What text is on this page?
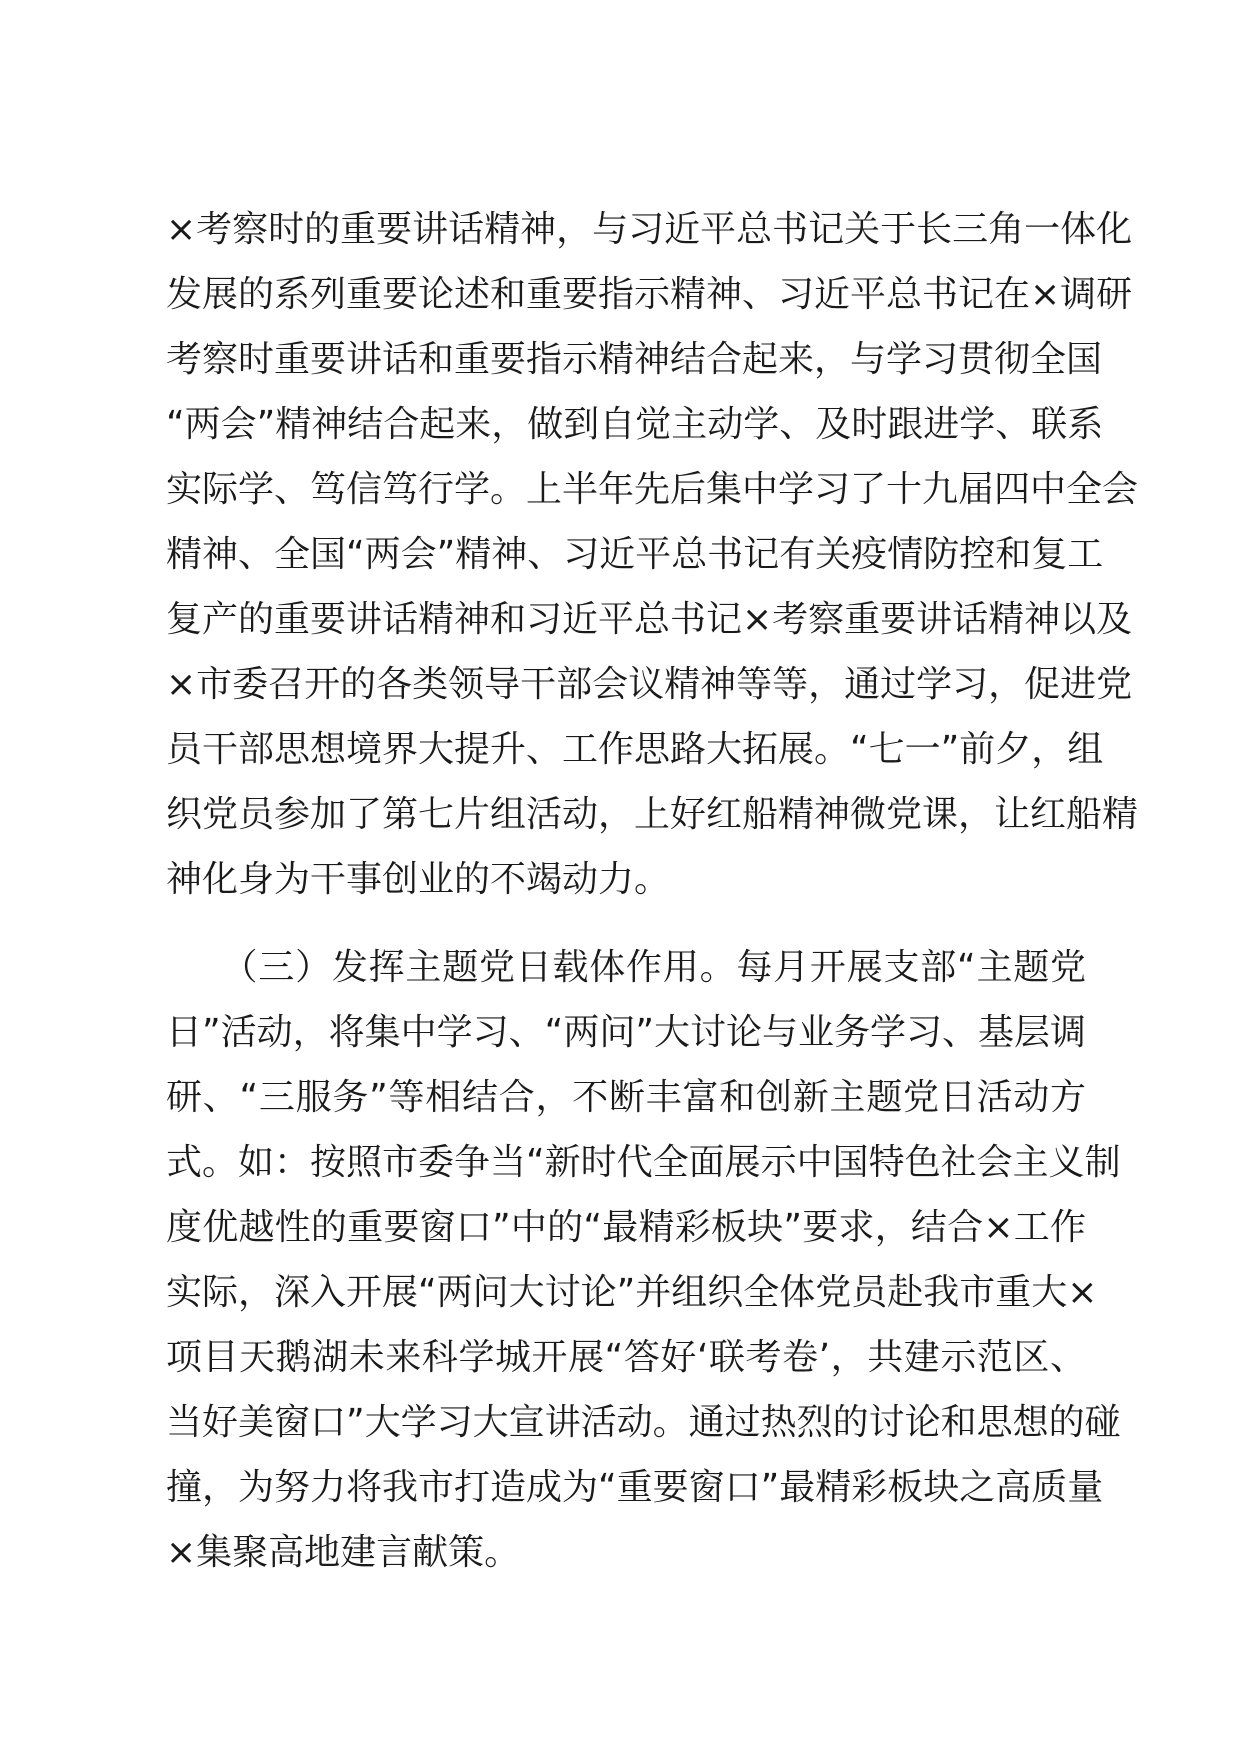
×考察时的重要讲话精神，与习近平总书记关于长三角一体化
发展的系列重要论述和重要指示精神、习近平总书记在×调研
考察时重要讲话和重要指示精神结合起来，与学习贯彻全国
“两会”精神结合起来，做到自觉主动学、及时跟进学、联系
实际学、笃信笃行学。上半年先后集中学习了十九届四中全会
精神、全国“两会”精神、习近平总书记有关疫情防控和复工
复产的重要讲话精神和习近平总书记×考察重要讲话精神以及
×市委召开的各类领导干部会议精神等等，通过学习，促进党
员干部思想境界大提升、工作思路大拓展。“七一”前夕，组
织党员参加了第七片组活动，上好红船精神微党课，让红船精
神化身为干事创业的不竭动力。
　　（三）发挥主题党日载体作用。每月开展支部“主题党
日”活动，将集中学习、“两问”大讨论与业务学习、基层调
研、“三服务”等相结合，不断丰富和创新主题党日活动方
式。如：按照市委争当“新时代全面展示中国特色社会主义制
度优越性的重要窗口”中的“最精彩板块”要求，结合×工作
实际，深入开展“两问大讨论”并组织全体党员赴我市重大×
项目天鹅湖未来科学城开展“答好‘联考卷’，共建示范区、
当好美窗口”大学习大宣讲活动。通过热烈的讨论和思想的碰
撞，为努力将我市打造成为“重要窗口”最精彩板块之高质量
×集聚高地建言献策。
